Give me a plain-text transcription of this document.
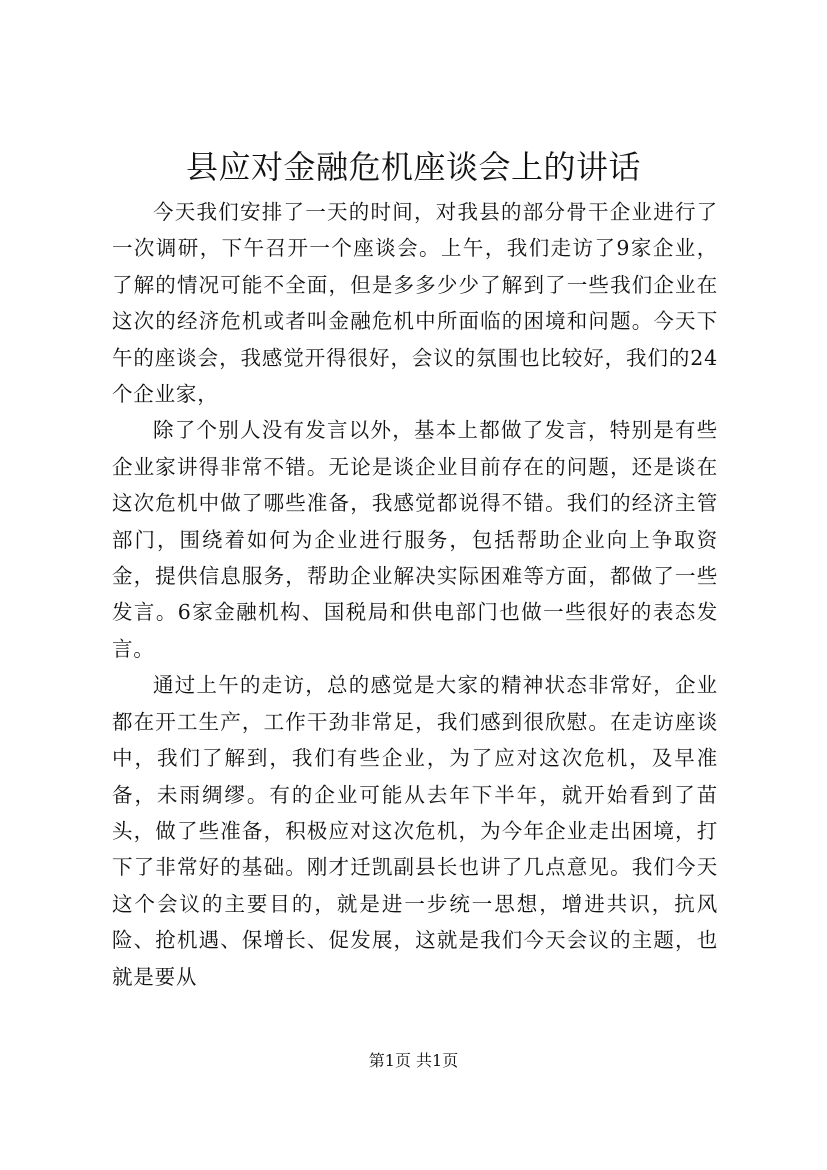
县应对金融危机座谈会上的讲话

今天我们安排了一天的时间，对我县的部分骨干企业进行了一次调研，下午召开一个座谈会。上午，我们走访了9家企业，了解的情况可能不全面，但是多多少少了解到了一些我们企业在这次的经济危机或者叫金融危机中所面临的困境和问题。今天下午的座谈会，我感觉开得很好，会议的氛围也比较好，我们的24个企业家，

除了个别人没有发言以外，基本上都做了发言，特别是有些企业家讲得非常不错。无论是谈企业目前存在的问题，还是谈在这次危机中做了哪些准备，我感觉都说得不错。我们的经济主管部门，围绕着如何为企业进行服务，包括帮助企业向上争取资金，提供信息服务，帮助企业解决实际困难等方面，都做了一些发言。6家金融机构、国税局和供电部门也做一些很好的表态发言。

通过上午的走访，总的感觉是大家的精神状态非常好，企业都在开工生产，工作干劲非常足，我们感到很欣慰。在走访座谈中，我们了解到，我们有些企业，为了应对这次危机，及早准备，未雨绸缪。有的企业可能从去年下半年，就开始看到了苗头，做了些准备，积极应对这次危机，为今年企业走出困境，打下了非常好的基础。刚才迁凯副县长也讲了几点意见。我们今天这个会议的主要目的，就是进一步统一思想，增进共识，抗风险、抢机遇、保增长、促发展，这就是我们今天会议的主题，也就是要从

第1页 共1页
